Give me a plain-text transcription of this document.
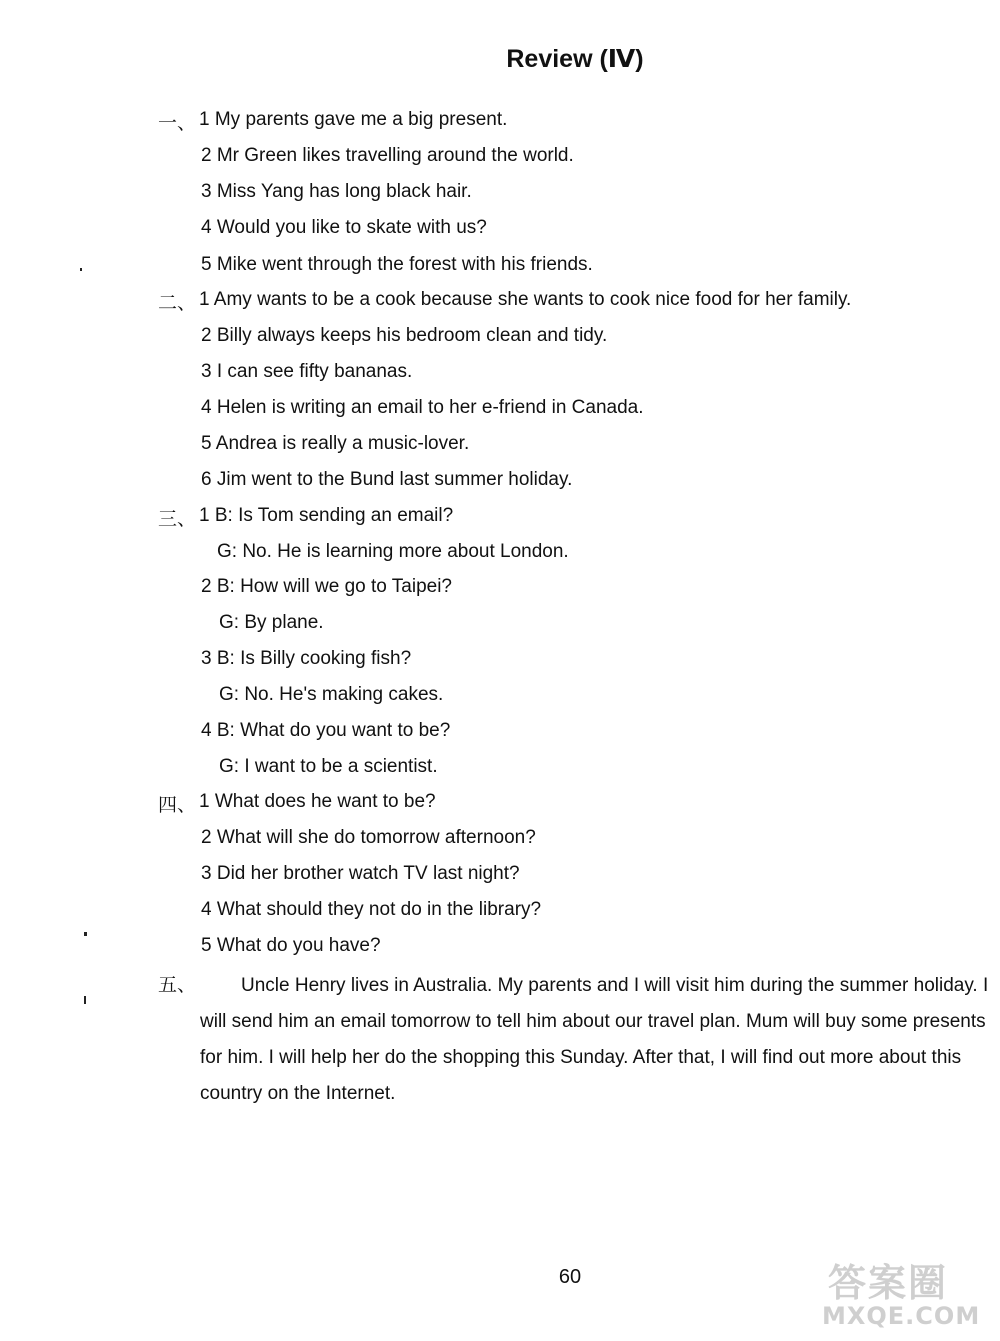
Review (Ⅳ)
一、 1 My parents gave me a big present.
2 Mr Green likes travelling around the world.
3 Miss Yang has long black hair.
4 Would you like to skate with us?
5 Mike went through the forest with his friends.
二、 1 Amy wants to be a cook because she wants to cook nice food for her family.
2 Billy always keeps his bedroom clean and tidy.
3 I can see fifty bananas.
4 Helen is writing an email to her e-friend in Canada.
5 Andrea is really a music-lover.
6 Jim went to the Bund last summer holiday.
三、 1 B: Is Tom sending an email?
G: No. He is learning more about London.
2 B: How will we go to Taipei?
G: By plane.
3 B: Is Billy cooking fish?
G: No. He's making cakes.
4 B: What do you want to be?
G: I want to be a scientist.
四、 1 What does he want to be?
2 What will she do tomorrow afternoon?
3 Did her brother watch TV last night?
4 What should they not do in the library?
5 What do you have?
五、	Uncle Henry lives in Australia. My parents and I will visit him during the summer holiday. I will send him an email tomorrow to tell him about our travel plan. Mum will buy some presents for him. I will help her do the shopping this Sunday. After that, I will find out more about this country on the Internet.
60	答案圈
MXQE.COM
